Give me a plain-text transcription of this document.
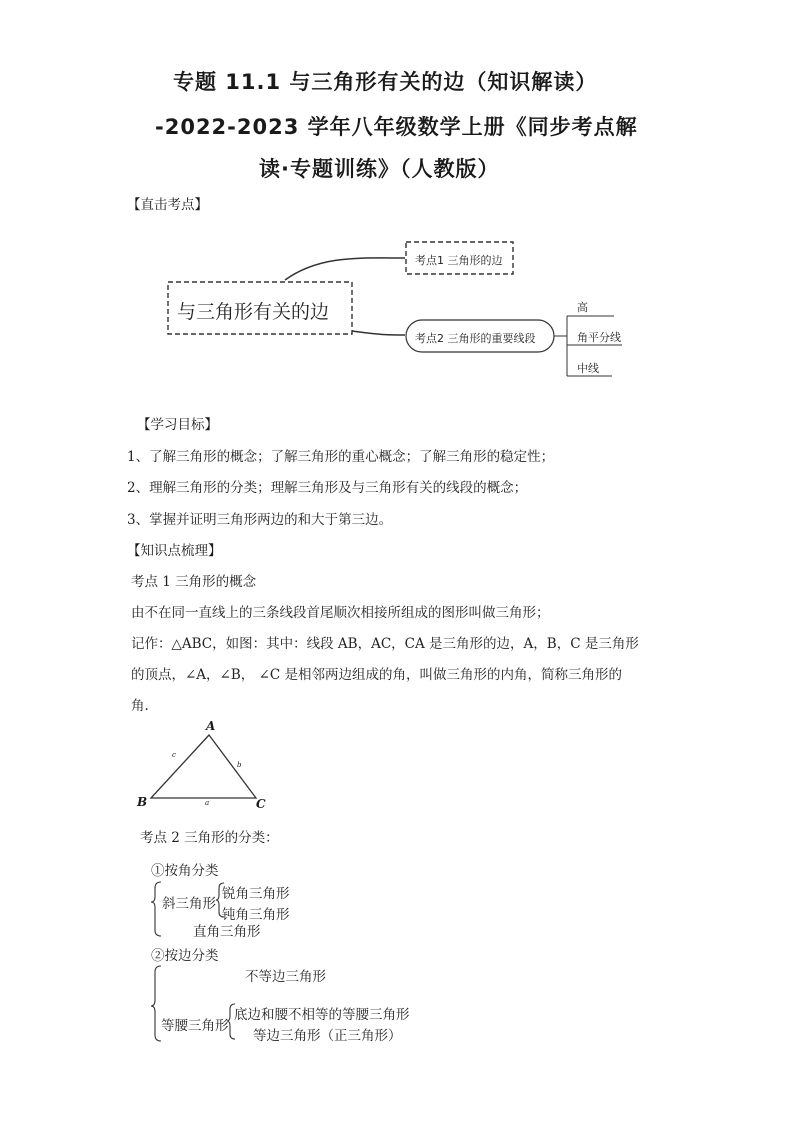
专题 11.1 与三角形有关的边（知识解读）
-2022-2023 学年八年级数学上册《同步考点解
读·专题训练》（人教版）
【直击考点】
与三角形有关的边
考点1 三角形的边
考点2 三角形的重要线段
高
角平分线
中线
【学习目标】
1、了解三角形的概念；了解三角形的重心概念；了解三角形的稳定性；
2、理解三角形的分类；理解三角形及与三角形有关的线段的概念；
3、掌握并证明三角形两边的和大于第三边。
【知识点梳理】
考点 1 三角形的概念
由不在同一直线上的三条线段首尾顺次相接所组成的图形叫做三角形；
记作：△ABC，如图：其中：线段 AB，AC，CA 是三角形的边，A，B，C 是三角形
的顶点，∠A，∠B， ∠C 是相邻两边组成的角，叫做三角形的内角，简称三角形的
角.
A
B	C
a
b
c
考点 2 三角形的分类：
①按角分类
斜三角形
锐角三角形
钝角三角形
直角三角形
②按边分类
不等边三角形
等腰三角形
底边和腰不相等的等腰三角形
等边三角形（正三角形）
